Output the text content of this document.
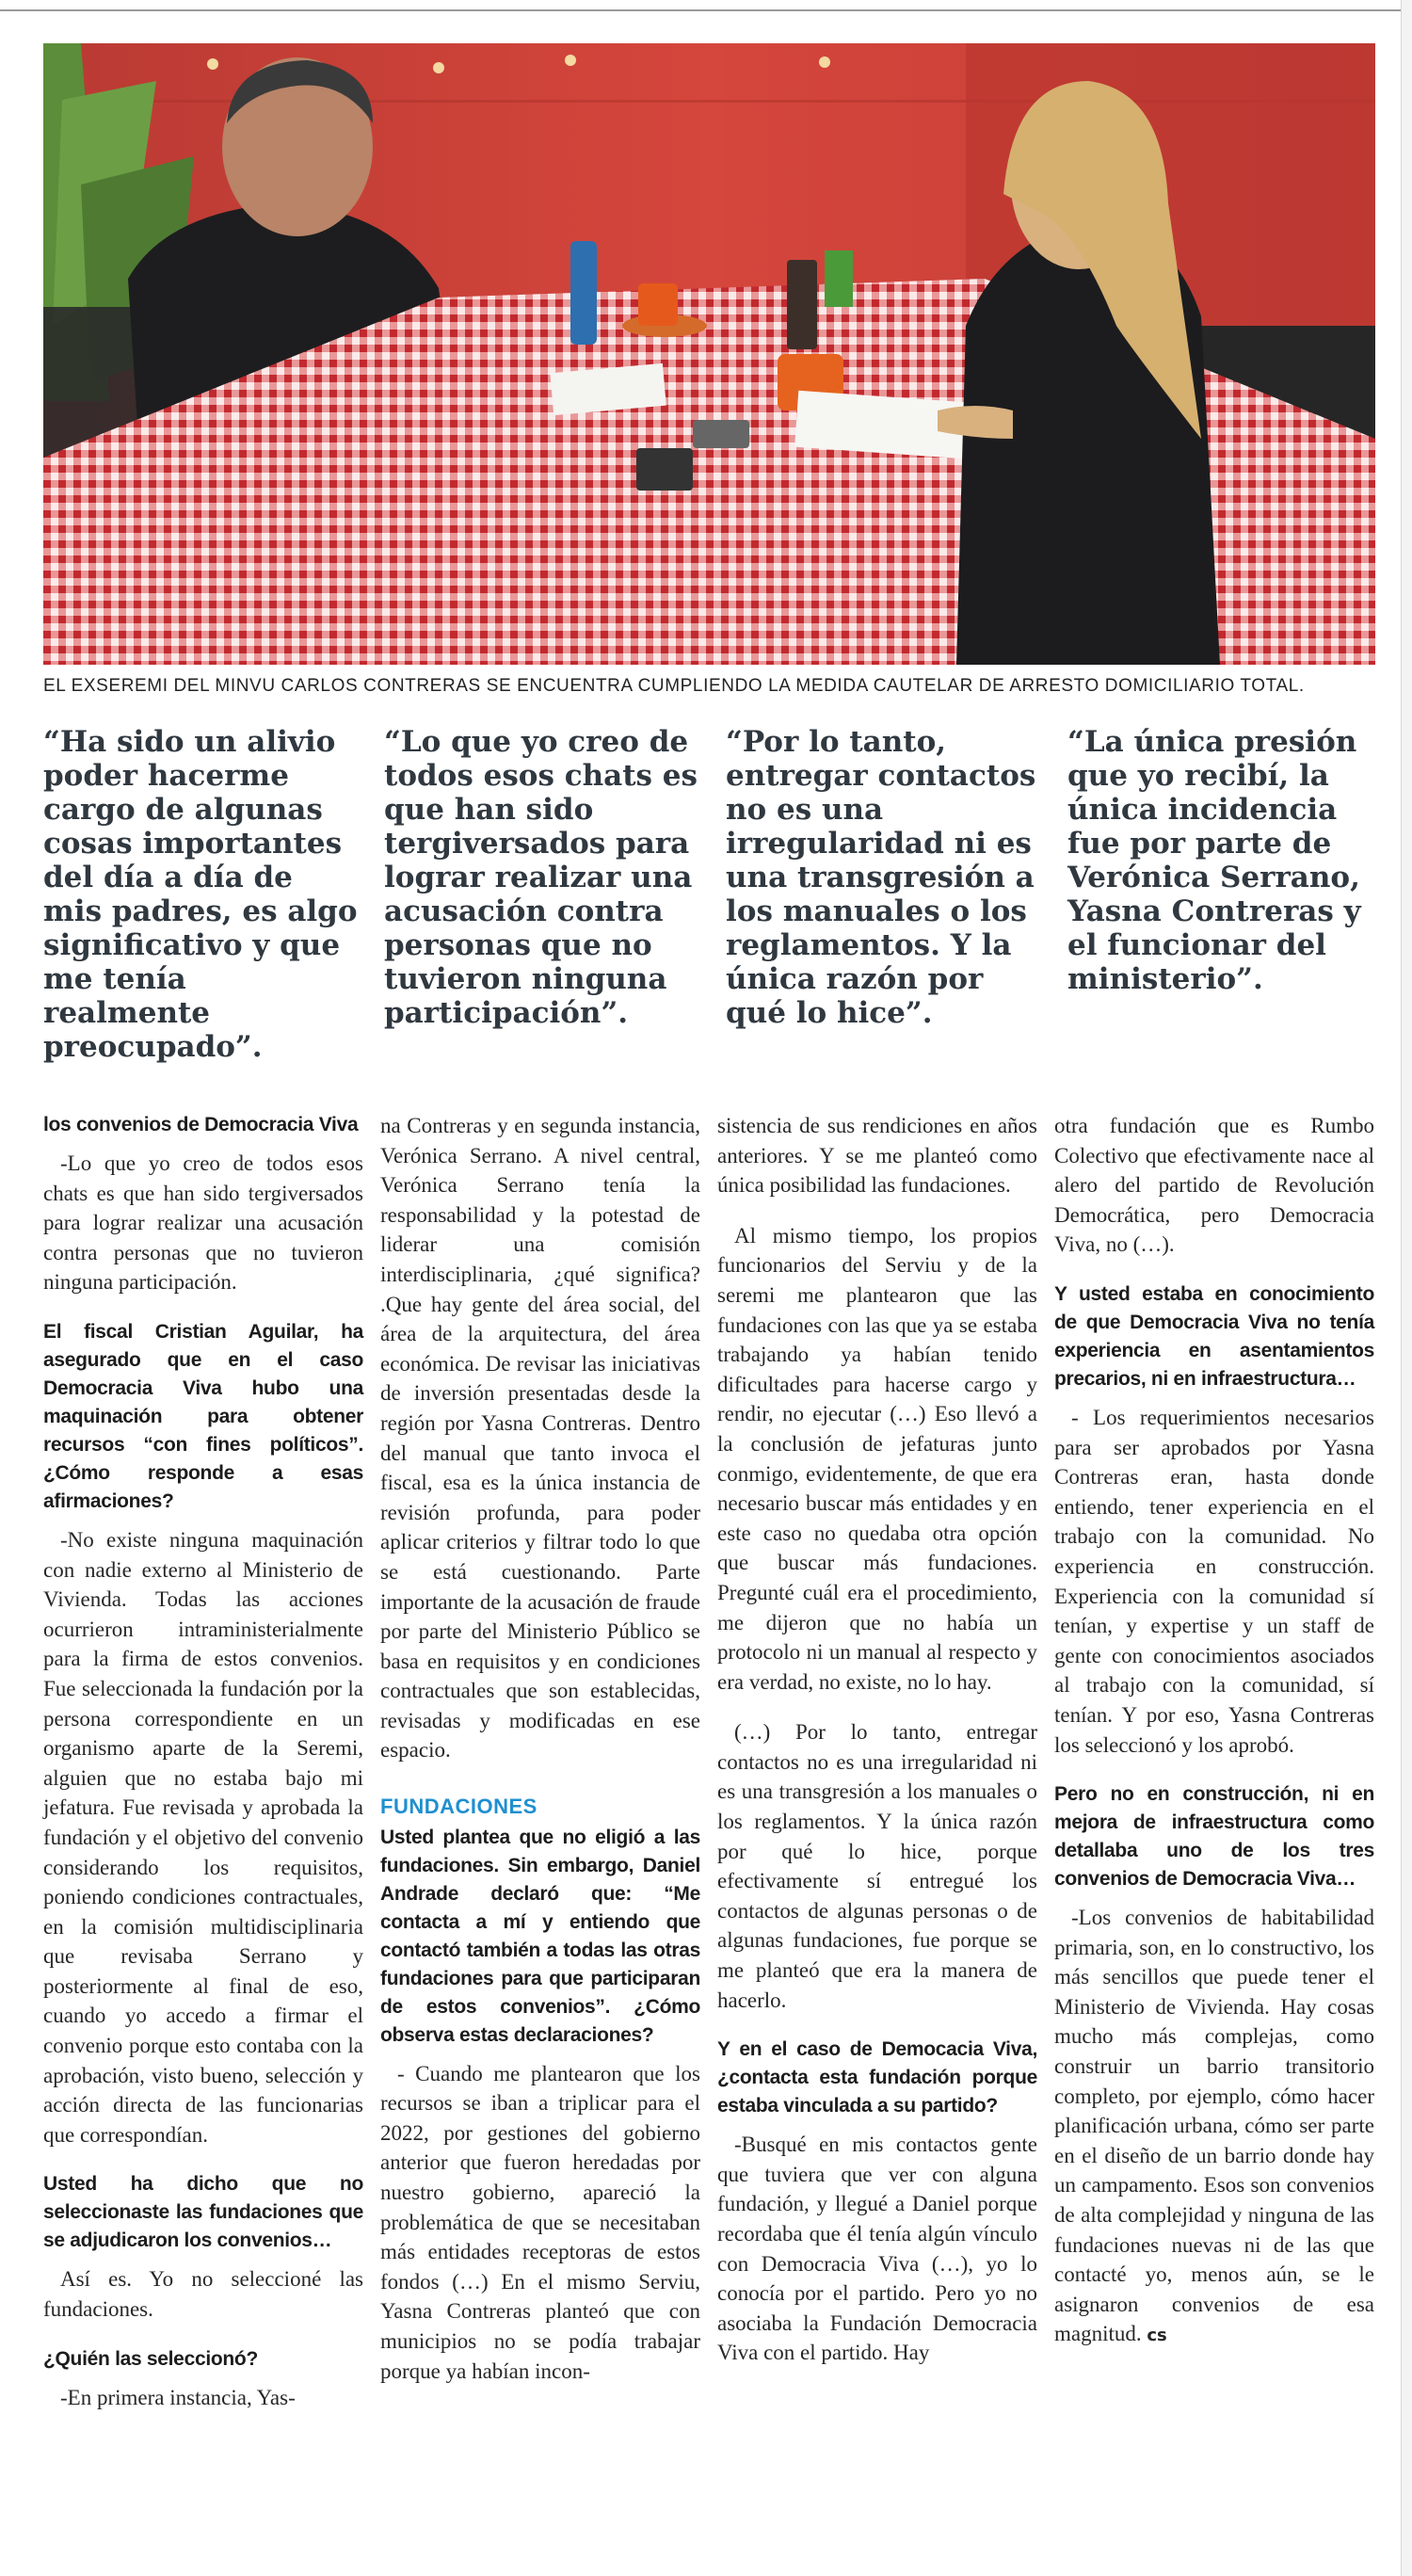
EL EXSEREMI DEL MINVU CARLOS CONTRERAS SE ENCUENTRA CUMPLIENDO LA MEDIDA CAUTELAR DE ARRESTO DOMICILIARIO TOTAL.
“Ha sido un alivio poder hacerme cargo de algunas cosas importantes del día a día de mis padres, es algo significativo y que me tenía realmente preocupado”.
“Lo que yo creo de todos esos chats es que han sido tergiversados para lograr realizar una acusación contra personas que no tuvieron ninguna participación”.
“Por lo tanto, entregar contactos no es una irregularidad ni es una transgresión a los manuales o los reglamentos. Y la única razón por qué lo hice”.
“La única presión que yo recibí, la única incidencia fue por parte de Verónica Serrano, Yasna Contreras y el funcionar del ministerio”.

los convenios de Democracia Viva

-Lo que yo creo de todos esos chats es que han sido tergiversados para lograr realizar una acusación contra personas que no tuvieron ninguna participación.

El fiscal Cristian Aguilar, ha asegurado que en el caso Democracia Viva hubo una maquinación para obtener recursos “con fines políticos”. ¿Cómo responde a esas afirmaciones?

-No existe ninguna maquinación con nadie externo al Ministerio de Vivienda. Todas las acciones ocurrieron intraministerialmente para la firma de estos convenios. Fue seleccionada la fundación por la persona correspondiente en un organismo aparte de la Seremi, alguien que no estaba bajo mi jefatura. Fue revisada y aprobada la fundación y el objetivo del convenio considerando los requisitos, poniendo condiciones contractuales, en la comisión multidisciplinaria que revisaba Serrano y posteriormente al final de eso, cuando yo accedo a firmar el convenio porque esto contaba con la aprobación, visto bueno, selección y acción directa de las funcionarias que correspondían.

Usted ha dicho que no seleccionaste las fundaciones que se adjudicaron los convenios…

Así es. Yo no seleccioné las fundaciones.

¿Quién las seleccionó?

-En primera instancia, Yas-

na Contreras y en segunda instancia, Verónica Serrano. A nivel central, Verónica Serrano tenía la responsabilidad y la potestad de liderar una comisión interdisciplinaria, ¿qué significa? .Que hay gente del área social, del área de la arquitectura, del área económica. De revisar las iniciativas de inversión presentadas desde la región por Yasna Contreras. Dentro del manual que tanto invoca el fiscal, esa es la única instancia de revisión profunda, para poder aplicar criterios y filtrar todo lo que se está cuestionando. Parte importante de la acusación de fraude por parte del Ministerio Público se basa en requisitos y en condiciones contractuales que son establecidas, revisadas y modificadas en ese espacio.

FUNDACIONES

Usted plantea que no eligió a las fundaciones. Sin embargo, Daniel Andrade declaró que: “Me contacta a mí y entiendo que contactó también a todas las otras fundaciones para que participaran de estos convenios”. ¿Cómo observa estas declaraciones?

- Cuando me plantearon que los recursos se iban a triplicar para el 2022, por gestiones del gobierno anterior que fueron heredadas por nuestro gobierno, apareció la problemática de que se necesitaban más entidades receptoras de estos fondos (…) En el mismo Serviu, Yasna Contreras planteó que con municipios no se podía trabajar porque ya habían incon-

sistencia de sus rendiciones en años anteriores. Y se me planteó como única posibilidad las fundaciones.

Al mismo tiempo, los propios funcionarios del Serviu y de la seremi me plantearon que las fundaciones con las que ya se estaba trabajando ya habían tenido dificultades para hacerse cargo y rendir, no ejecutar (…) Eso llevó a la conclusión de jefaturas junto conmigo, evidentemente, de que era necesario buscar más entidades y en este caso no quedaba otra opción que buscar más fundaciones. Pregunté cuál era el procedimiento, me dijeron que no había un protocolo ni un manual al respecto y era verdad, no existe, no lo hay.

(…) Por lo tanto, entregar contactos no es una irregularidad ni es una transgresión a los manuales o los reglamentos. Y la única razón por qué lo hice, porque efectivamente sí entregué los contactos de algunas personas o de algunas fundaciones, fue porque se me planteó que era la manera de hacerlo.

Y en el caso de Democacia Viva, ¿contacta esta fundación porque estaba vinculada a su partido?

-Busqué en mis contactos gente que tuviera que ver con alguna fundación, y llegué a Daniel porque recordaba que él tenía algún vínculo con Democracia Viva (…), yo lo conocía por el partido. Pero yo no asociaba la Fundación Democracia Viva con el partido. Hay

otra fundación que es Rumbo Colectivo que efectivamente nace al alero del partido de Revolución Democrática, pero Democracia Viva, no (…).

Y usted estaba en conocimiento de que Democracia Viva no tenía experiencia en asentamientos precarios, ni en infraestructura…

- Los requerimientos necesarios para ser aprobados por Yasna Contreras eran, hasta donde entiendo, tener experiencia en el trabajo con la comunidad. No experiencia en construcción. Experiencia con la comunidad sí tenían, y expertise y un staff de gente con conocimientos asociados al trabajo con la comunidad, sí tenían. Y por eso, Yasna Contreras los seleccionó y los aprobó.

Pero no en construcción, ni en mejora de infraestructura como detallaba uno de los tres convenios de Democracia Viva…

-Los convenios de habitabilidad primaria, son, en lo constructivo, los más sencillos que puede tener el Ministerio de Vivienda. Hay cosas mucho más complejas, como construir un barrio transitorio completo, por ejemplo, cómo hacer planificación urbana, cómo ser parte en el diseño de un barrio donde hay un campamento. Esos son convenios de alta complejidad y ninguna de las fundaciones nuevas ni de las que contacté yo, menos aún, se le asignaron convenios de esa magnitud. cs
